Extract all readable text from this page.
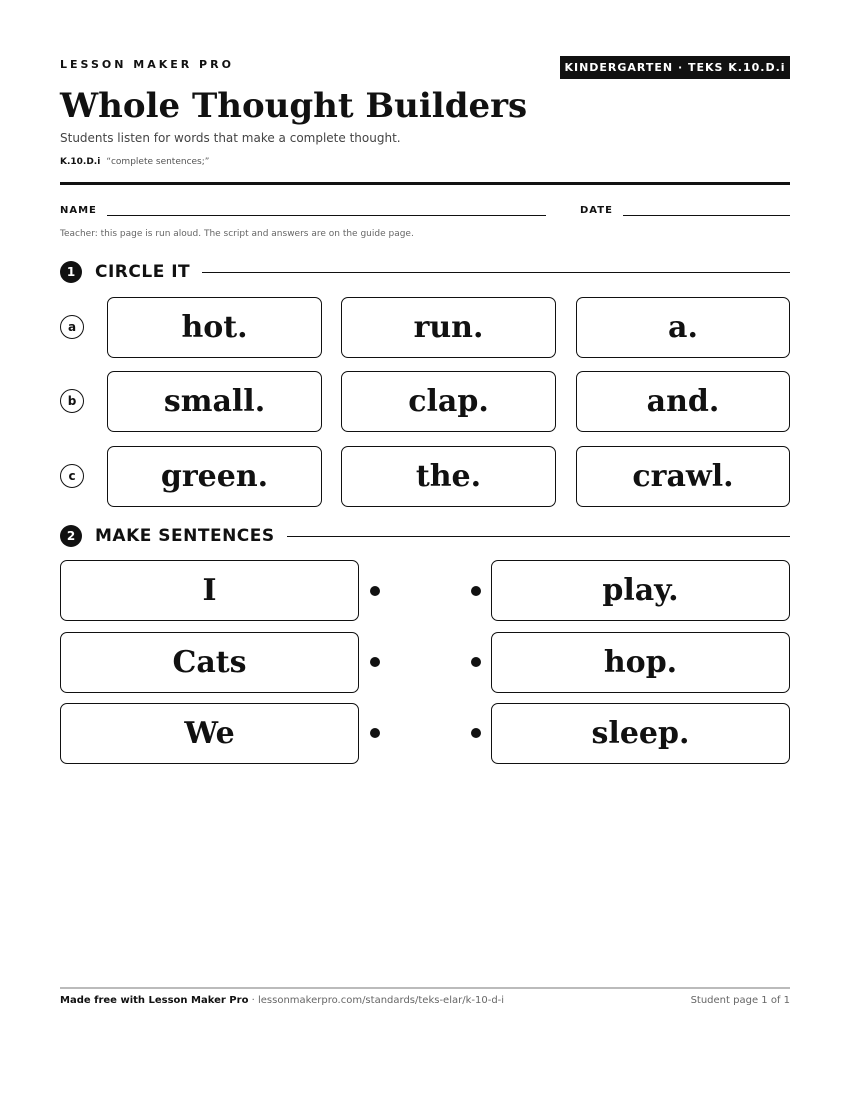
LESSON MAKER PRO	KINDERGARTEN · TEKS K.10.D.i
Whole Thought Builders
Students listen for words that make a complete thought.
K.10.D.i “complete sentences;”
NAME	DATE
Teacher: this page is run aloud. The script and answers are on the guide page.
1	CIRCLE IT
a	hot.	run.	a.
b	small.	clap.	and.
c	green.	the.	crawl.
2	MAKE SENTENCES
I	play.
Cats	hop.
We	sleep.
Made free with Lesson Maker Pro · lessonmakerpro.com/standards/teks-elar/k-10-d-i	Student page 1 of 1
